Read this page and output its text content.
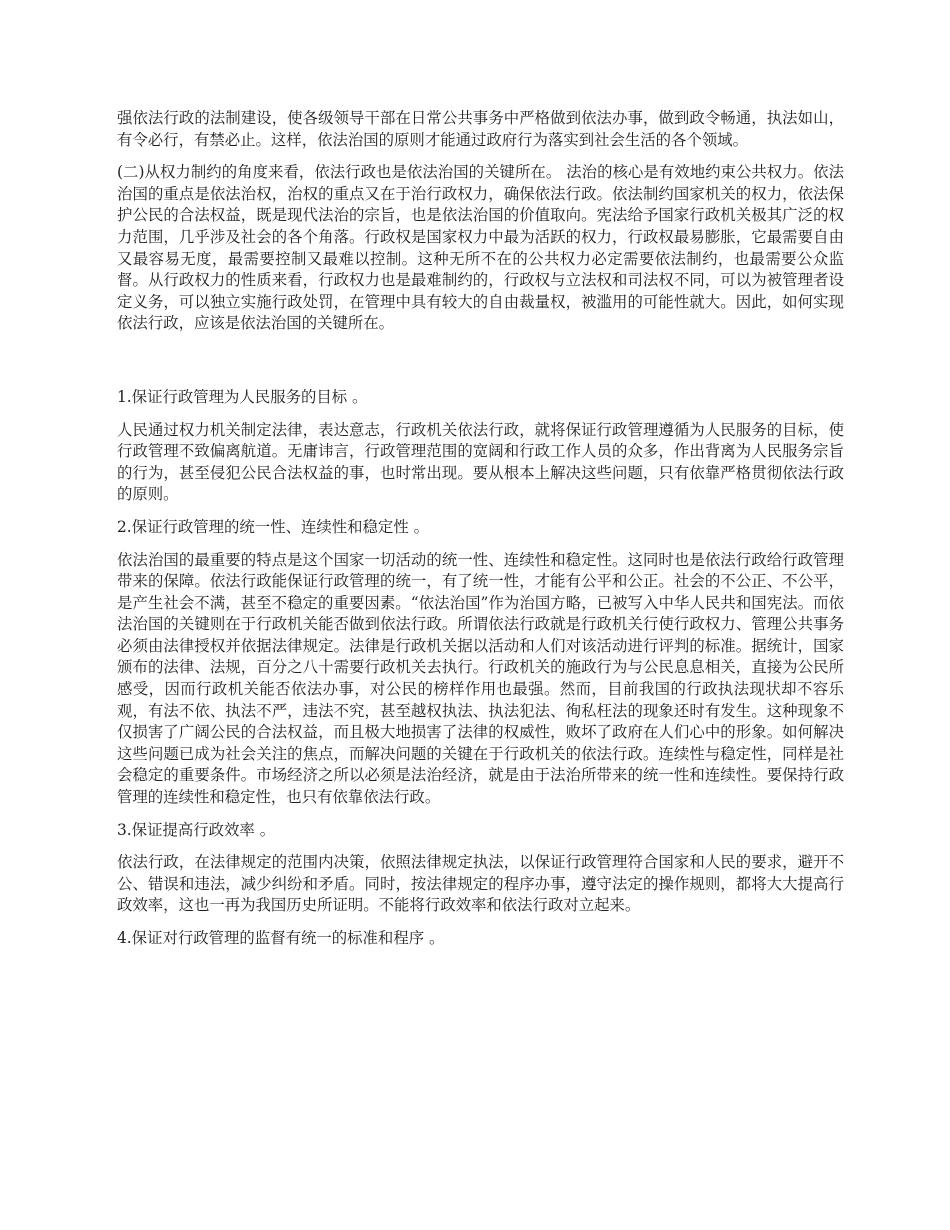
强依法行政的法制建设，使各级领导干部在日常公共事务中严格做到依法办事，做到政令畅通，执法如山，有令必行，有禁必止。这样，依法治国的原则才能通过政府行为落实到社会生活的各个领域。

(二)从权力制约的角度来看，依法行政也是依法治国的关键所在。 法治的核心是有效地约束公共权力。依法治国的重点是依法治权，治权的重点又在于治行政权力，确保依法行政。依法制约国家机关的权力，依法保护公民的合法权益，既是现代法治的宗旨，也是依法治国的价值取向。宪法给予国家行政机关极其广泛的权力范围，几乎涉及社会的各个角落。行政权是国家权力中最为活跃的权力，行政权最易膨胀，它最需要自由又最容易无度，最需要控制又最难以控制。这种无所不在的公共权力必定需要依法制约，也最需要公众监督。从行政权力的性质来看，行政权力也是最难制约的，行政权与立法权和司法权不同，可以为被管理者设定义务，可以独立实施行政处罚，在管理中具有较大的自由裁量权，被滥用的可能性就大。因此，如何实现依法行政，应该是依法治国的关键所在。

1.保证行政管理为人民服务的目标 。

人民通过权力机关制定法律，表达意志，行政机关依法行政，就将保证行政管理遵循为人民服务的目标，使行政管理不致偏离航道。无庸讳言，行政管理范围的宽阔和行政工作人员的众多，作出背离为人民服务宗旨的行为，甚至侵犯公民合法权益的事，也时常出现。要从根本上解决这些问题，只有依靠严格贯彻依法行政的原则。

2.保证行政管理的统一性、连续性和稳定性 。

依法治国的最重要的特点是这个国家一切活动的统一性、连续性和稳定性。这同时也是依法行政给行政管理带来的保障。依法行政能保证行政管理的统一，有了统一性，才能有公平和公正。社会的不公正、不公平，是产生社会不满，甚至不稳定的重要因素。“依法治国”作为治国方略，已被写入中华人民共和国宪法。而依法治国的关键则在于行政机关能否做到依法行政。所谓依法行政就是行政机关行使行政权力、管理公共事务必须由法律授权并依据法律规定。法律是行政机关据以活动和人们对该活动进行评判的标准。据统计，国家颁布的法律、法规，百分之八十需要行政机关去执行。行政机关的施政行为与公民息息相关，直接为公民所感受，因而行政机关能否依法办事，对公民的榜样作用也最强。然而，目前我国的行政执法现状却不容乐观，有法不依、执法不严，违法不究，甚至越权执法、执法犯法、徇私枉法的现象还时有发生。这种现象不仅损害了广阔公民的合法权益，而且极大地损害了法律的权威性，败坏了政府在人们心中的形象。如何解决这些问题已成为社会关注的焦点，而解决问题的关键在于行政机关的依法行政。连续性与稳定性，同样是社会稳定的重要条件。市场经济之所以必须是法治经济，就是由于法治所带来的统一性和连续性。要保持行政管理的连续性和稳定性，也只有依靠依法行政。

3.保证提高行政效率 。

依法行政，在法律规定的范围内决策，依照法律规定执法，以保证行政管理符合国家和人民的要求，避开不公、错误和违法，减少纠纷和矛盾。同时，按法律规定的程序办事，遵守法定的操作规则，都将大大提高行政效率，这也一再为我国历史所证明。不能将行政效率和依法行政对立起来。

4.保证对行政管理的监督有统一的标准和程序 。
